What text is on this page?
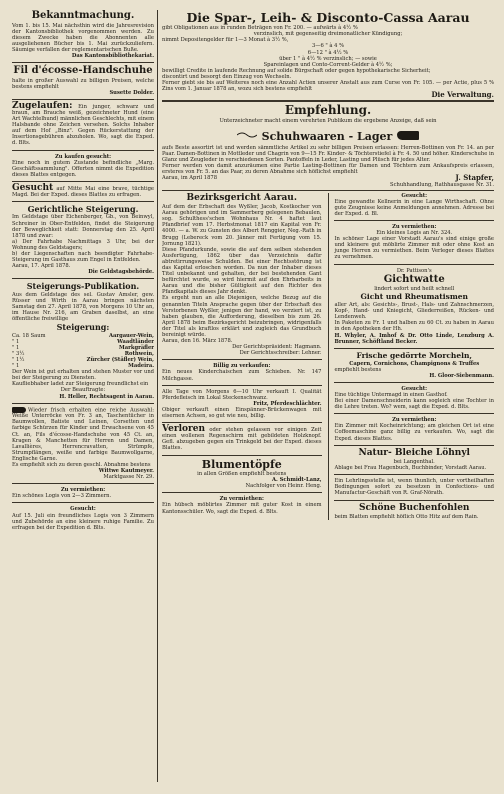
Bekanntmachung.
Vom 1. bis 15. Mai nächsthin wird die Jahresrevision der Kantonsbibliothek vorgenommen werden. Zu diesem Zwecke haben die Abonnenten alle ausgeliehenen Bücher bis 1. Mai zurückzuliefern. Säumige verfallen der reglementarischen Buße.
Das Kantonsbibliothekariat.
Fil d'écosse-Handschuhe
halte in großer Auswahl zu billigen Preisen, welche bestens empfiehlt
Susette Dolder.
Zugelaufen: Ein junger, schwarz und braun, am Brauche weiß, gezeichneter Hund (eine Art Wachtelhund) männlichen Geschlechts, mit einem Halsbande ohne Zeichen versehen. Solchs Inhaber auf dem Hof „Binz". Gegen Rückerstattung der Insertionsgebühren abzuholen. Wo, sagt die Exped. d. Blts.
Zu kaufen gesucht:
Eine noch in gutem Zustande befindliche „Marg. Geschäftssammlung". Offerten nimmt die Expedition dieses Blattes entgegen.
Gesucht auf Mitte Mai eine brave, tüchtige Magd. Bei der Exped. dieses Blattes zu erfragen.
Gerichtliche Steigerung.
Im Geldstage über Eichenberger, Gb., von Beinwyl, Schreiner in Ober-Entfelden, findet die Steigerung der Beweglichkeit statt: Donnerstag den 25. April 1878 und zwar:
a) Der Fahrhabe Nachmittags 3 Uhr, bei der Wohnung des Geldstagers;
b) der Liegenschaften nach beendigter Fahrhabe-Steigerung im Gasthaus zum Engel in Entfelden.
Aarau, 17. April 1878.
Die Geldstagsbehörde.
Steigerungs-Publikation.
Aus dem Geldstage des sel. Gustav Amsler, gew. Rüsser und Wirth in Aarau bringen nächsten Samstag den 27. April 1878, von Morgens 10 Uhr an, im Hause Nr. 216, am Graben daselbst, an eine öffentliche freiwillige
Steigerung:
Ca. 18 Saum	Aargauer-Wein,
" 1	Waadtländer
" 1	Markgräfler
" 3½	Rothwein,
" 1½	Zürcher (Stäfler) Wein,
" 1	Madeira.
Der Wein ist gut erhalten und stehen Muster vor und bei der Steigerung zu Diensten.
Kaufliebhaber ladet zur Steigerung freundlichst ein
Der Beauftragte:
H. Heller, Rechtsagent in Aarau.
Wieder frisch erhalten eine reiche Auswahl: Weiße Unterröcke von Fr. 3 an, Taschentücher in Baumwollen, Batiste und Leinen, Corsetten und farbige Schürzen für Kinder und Erwachsene von 45 Ct. an, Fils d'écosse-Handschuhe von 45 Ct. an, Kragen & Manchetten für Herren und Damen, Lavallières, Herrencravatten, Strümpfe, Strumpflängen, weiße und farbige Baumwollgarne, Englische Garne.
Es empfiehlt sich zu deren geschl. Abnahme bestens
Wittwe Kautmeyer.
Marktgasse Nr. 29.
Zu vermiethen:
Ein schönes Logis von 2—3 Zimmern.
Gesucht:
Auf 15. Juli ein freundliches Logis von 3 Zimmern und Zubehörde an eine kleinere ruhige Familie. Zu erfragen bei der Expedition d. Blts.
Die Spar-, Leih- & Disconto-Cassa Aarau
gibt Obligationen aus in runden Beträgen von Fr. 200. — aufwärts à 4½ %
verzinslich, mit gegenseitig dreimonatlicher Kündigung;
nimmt Depositengelder für 1—3 Monat à 3½ %,
3—6 " à 4 %
6—12 " à 4½ %
über 1 " à 4½ % verzinslich; — sowie
Spareinlagen und Conto-Corrent-Gelder à 4½ %;
bewilligt Credite in laufende Rechnung auf solide Bürgschaft oder gegen hypothekarische Sicherheit;
discontirt und besorgt den Einzug von Wechseln.
Ferner giebt sie bis auf Weiteres noch eine Anzahl Actien unserer Anstalt aus zum Curse von Fr. 105. — per Actie, plus 5 % Zins vom 1. Januar 1878 an, wozu sich bestens empfiehlt
Die Verwaltung.
Empfehlung.
Unterzeichneter macht einem verehrten Publikum die ergebene Anzeige, daß sein
Schuhwaaren - Lager
aufs Beste assortirt ist und werden sämmtliche Artikel zu sehr billigen Preisen erlassen: Herren-Bottinen von Fr. 14. an per Paar. Damen-Bottinen in Mottleder und Chagrin von 9—15 Fr. Kinder- & Töchterstiefel à Fr. 4. 50 und höher. Kinderschuhe in Glanz und Zeugleder in verschiedenen Sorten. Pantoffeln in Leder, Lasting und Plüsch für jedes Alter.
Ferner werden von damit anzuräumen eine Partie Lasting-Bottinen für Damen und Töchtern zum Ankaufspreis erlassen, ersteres von Fr. 5. an das Paar, zu deren Abnahme sich höflichst empfiehlt
Aarau, im April 1878	J. Stapfer,
Schuhhandlung, Rathhausgasse Nr. 31.
Bezirksgericht Aarau.
Auf dem der Erbschaft des Wyßler, Jacob, Kostkocher von Aarau gehörigen und im Sammerberg gelegenen Bebaulen, sog. Schulthess'schen Wohnhaus Nr. 4 haftet laut Pfandbrief vom 17. Herbstmonat 1817 ein Kapital von Fr. 4000. — a. W. zu Gunsten des Albert Renggier, Neg.-Rath in Brugg (Lebereck vom 20. Jänner mit Fertigung vom 15. Jornung 1821).
Diese Pfandurkunde, sowie die auf dem selben stehenden Ausfertigung, 1862 über das Verzeichnis dafür abtretirrungsweise Schulden. Bei einer Rechtsstörung ist das Kapital erloschen worden. Da nun der Inhaber dieses Titel unbekannt und gehalten, der bei bestehenden Gant befürchtet wurde, so wird hiermit auf den Ehrbarbeits in Aarau und die bisher Gültigkeit auf den Richter des Pfandkapitals dieses Jahr denkt.
Es ergeht nun an alle Diejenigen, welche Bezug auf die genannten Titeln Ansprache gegen über der Erbschaft des Verstorbenen Wyßler, jenigen der hand, wo verziert ist, zu haben glauben, die Aufforderung, dieselben bis zum 26. April 1878 beim Bezirksgericht beizubringen, widrigenfalls der Titel als kraftlos erklärt und zugleich das Grundbuch bereinigt würde.
Aarau, den 16. März 1878.
Der Gerichtspräsident: Hagmann.
Der Gerichtsschreiber: Lehner.
Billig zu verkaufen:
Ein neues Kinderchaischen zum Schieben. Nr. 147 Milchgasse.
Alle Tage von Morgens 6—10 Uhr verkauft I. Qualität Pferdefleisch im Lokal Steckenschwanz.
Fritz, Pferdeschlächter.
Obiger verkauft einen Einspänner-Brückenwagen mit eisernen Achsen, so gut wie neu, billig.
Verloren oder stehen gelassen vor einigen Zeit einen wollenen Regenschirm mit gebildeten Holzknopf. Gefl. abzugeben gegen ein Trinkgeld bei der Exped. dieses Blattes.
Blumentöpfe
in allen Größen empfiehlt bestens
A. Schmidt-Lanz,
Nachfolger von Heinr. Heng.
Zu vermiethen:
Ein hübsch möblirtes Zimmer mit guter Kost in einem Kantonsschüler. Wo, sagt die Exped. d. Blts.
Gesucht:
Eine gewandte Kellnerin in eine Lange Wirthschaft. Ohne gute Zeugnisse keine Anmeldungen annehmen. Adresse bei der Exped. d. Bl.
Zu vermiethen:
Ein kleines Logis an Nr. 324.
In schöner Lage einer Vorstadt Aarau's sind einige große und kleinere gut möblirte Zimmer mit oder ohne Kost an junge Herren zu vermiethen. Beim Verleger dieses Blattes zu vernehmen.
Dr. Pattison's
Gichtwatte
lindert sofort und heilt schnell
Gicht und Rheumatismen
aller Art, als: Gesichts-, Brust-, Hals- und Zahnschmerzen, Kopf-, Hand- und Kniegicht, Gliederreißen, Rücken- und Lendenweh.
In Paketen zu Fr. 1 und halben zu 60 Ct. zu haben in Aarau in den Apotheken der Hh.
H. Whyler, A. Imhof & Dr. Otto Linde, Lenzburg A. Brunner, Schöftland Becker.
Frische gedörrte Morcheln,
Capern, Cornichons, Champignons & Truffes
empfiehlt bestens
H. Gloor-Siebenmann.
Gesucht:
Eine tüchtige Untermagd in einen Gasthof.
Bei einer Damenschneiderin kann sogleich eine Tochter in die Lehre treten. Wo? wem, sagt die Exped. d. Blts.
Zu vermiethen:
Ein Zimmer mit Kocheinrichtung; am gleichen Ort ist eine Coffeemaschine ganz billig zu verkaufen. Wo, sagt die Exped. dieses Blattes.
Natur- Bleiche Löhnyl
bei Langenthal.
Ablage bei Frau Hagenbuch, Buchbinder, Vorstadt Aarau.
Ein Lehrlingsstelle ist, wenn thunlich, unter vortheilhaften Bedingungen sofort zu besetzen in Confections- und Manufactur-Geschäft von R. Graf-Nörath.
Schöne Buchenfohlen
beim Blatten empfiehlt höflich Otto Hitz auf dem Rain.
